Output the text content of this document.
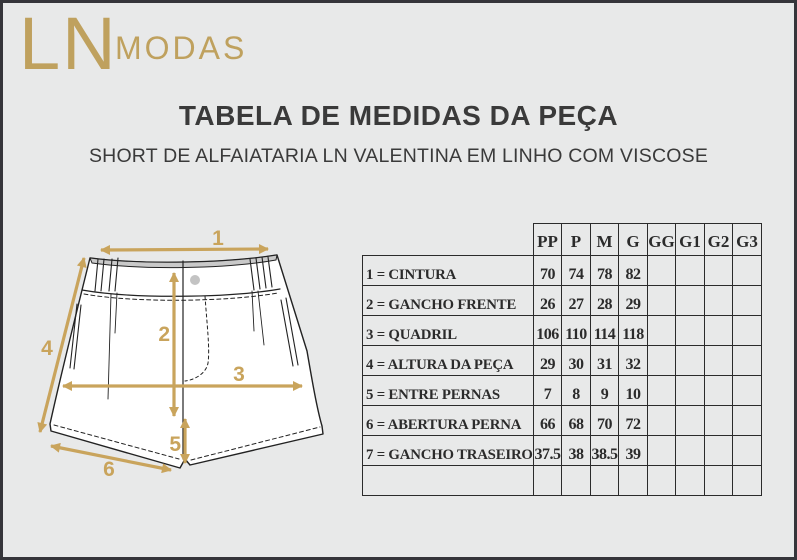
LN
MODAS
TABELA DE MEDIDAS DA PEÇA
SHORT DE ALFAIATARIA LN VALENTINA EM LINHO COM VISCOSE
1
2
3
4
5
6
	PP	P	M	G	GG	G1	G2	G3
1 = CINTURA	70	74	78	82				
2 = GANCHO FRENTE	26	27	28	29				
3 = QUADRIL	106	110	114	118				
4 = ALTURA DA PEÇA	29	30	31	32				
5 = ENTRE PERNAS	7	8	9	10				
6 = ABERTURA PERNA	66	68	70	72				
7 = GANCHO TRASEIRO	37.5	38	38.5	39				
